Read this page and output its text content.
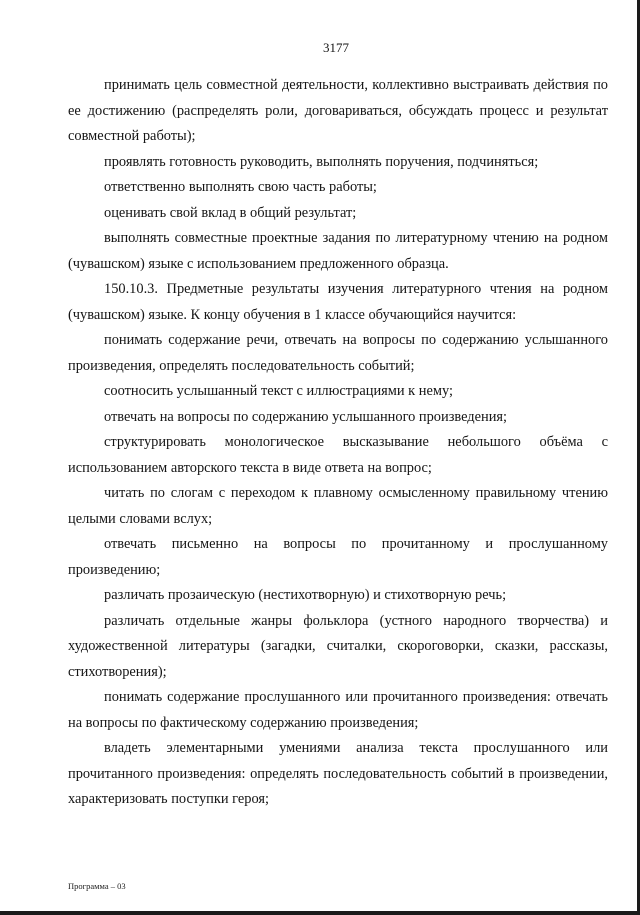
3177

принимать цель совместной деятельности, коллективно выстраивать действия по ее достижению (распределять роли, договариваться, обсуждать процесс и результат совместной работы);

проявлять готовность руководить, выполнять поручения, подчиняться;

ответственно выполнять свою часть работы;

оценивать свой вклад в общий результат;

выполнять совместные проектные задания по литературному чтению на родном (чувашском) языке с использованием предложенного образца.

150.10.3. Предметные результаты изучения литературного чтения на родном (чувашском) языке. К концу обучения в 1 классе обучающийся научится:

понимать содержание речи, отвечать на вопросы по содержанию услышанного произведения, определять последовательность событий;

соотносить услышанный текст с иллюстрациями к нему;

отвечать на вопросы по содержанию услышанного произведения;

структурировать монологическое высказывание небольшого объёма с использованием авторского текста в виде ответа на вопрос;

читать по слогам с переходом к плавному осмысленному правильному чтению целыми словами вслух;

отвечать письменно на вопросы по прочитанному и прослушанному произведению;

различать прозаическую (нестихотворную) и стихотворную речь;

различать отдельные жанры фольклора (устного народного творчества) и художественной литературы (загадки, считалки, скороговорки, сказки, рассказы, стихотворения);

понимать содержание прослушанного или прочитанного произведения: отвечать на вопросы по фактическому содержанию произведения;

владеть элементарными умениями анализа текста прослушанного или прочитанного произведения: определять последовательность событий в произведении, характеризовать поступки героя;

Программа – 03
